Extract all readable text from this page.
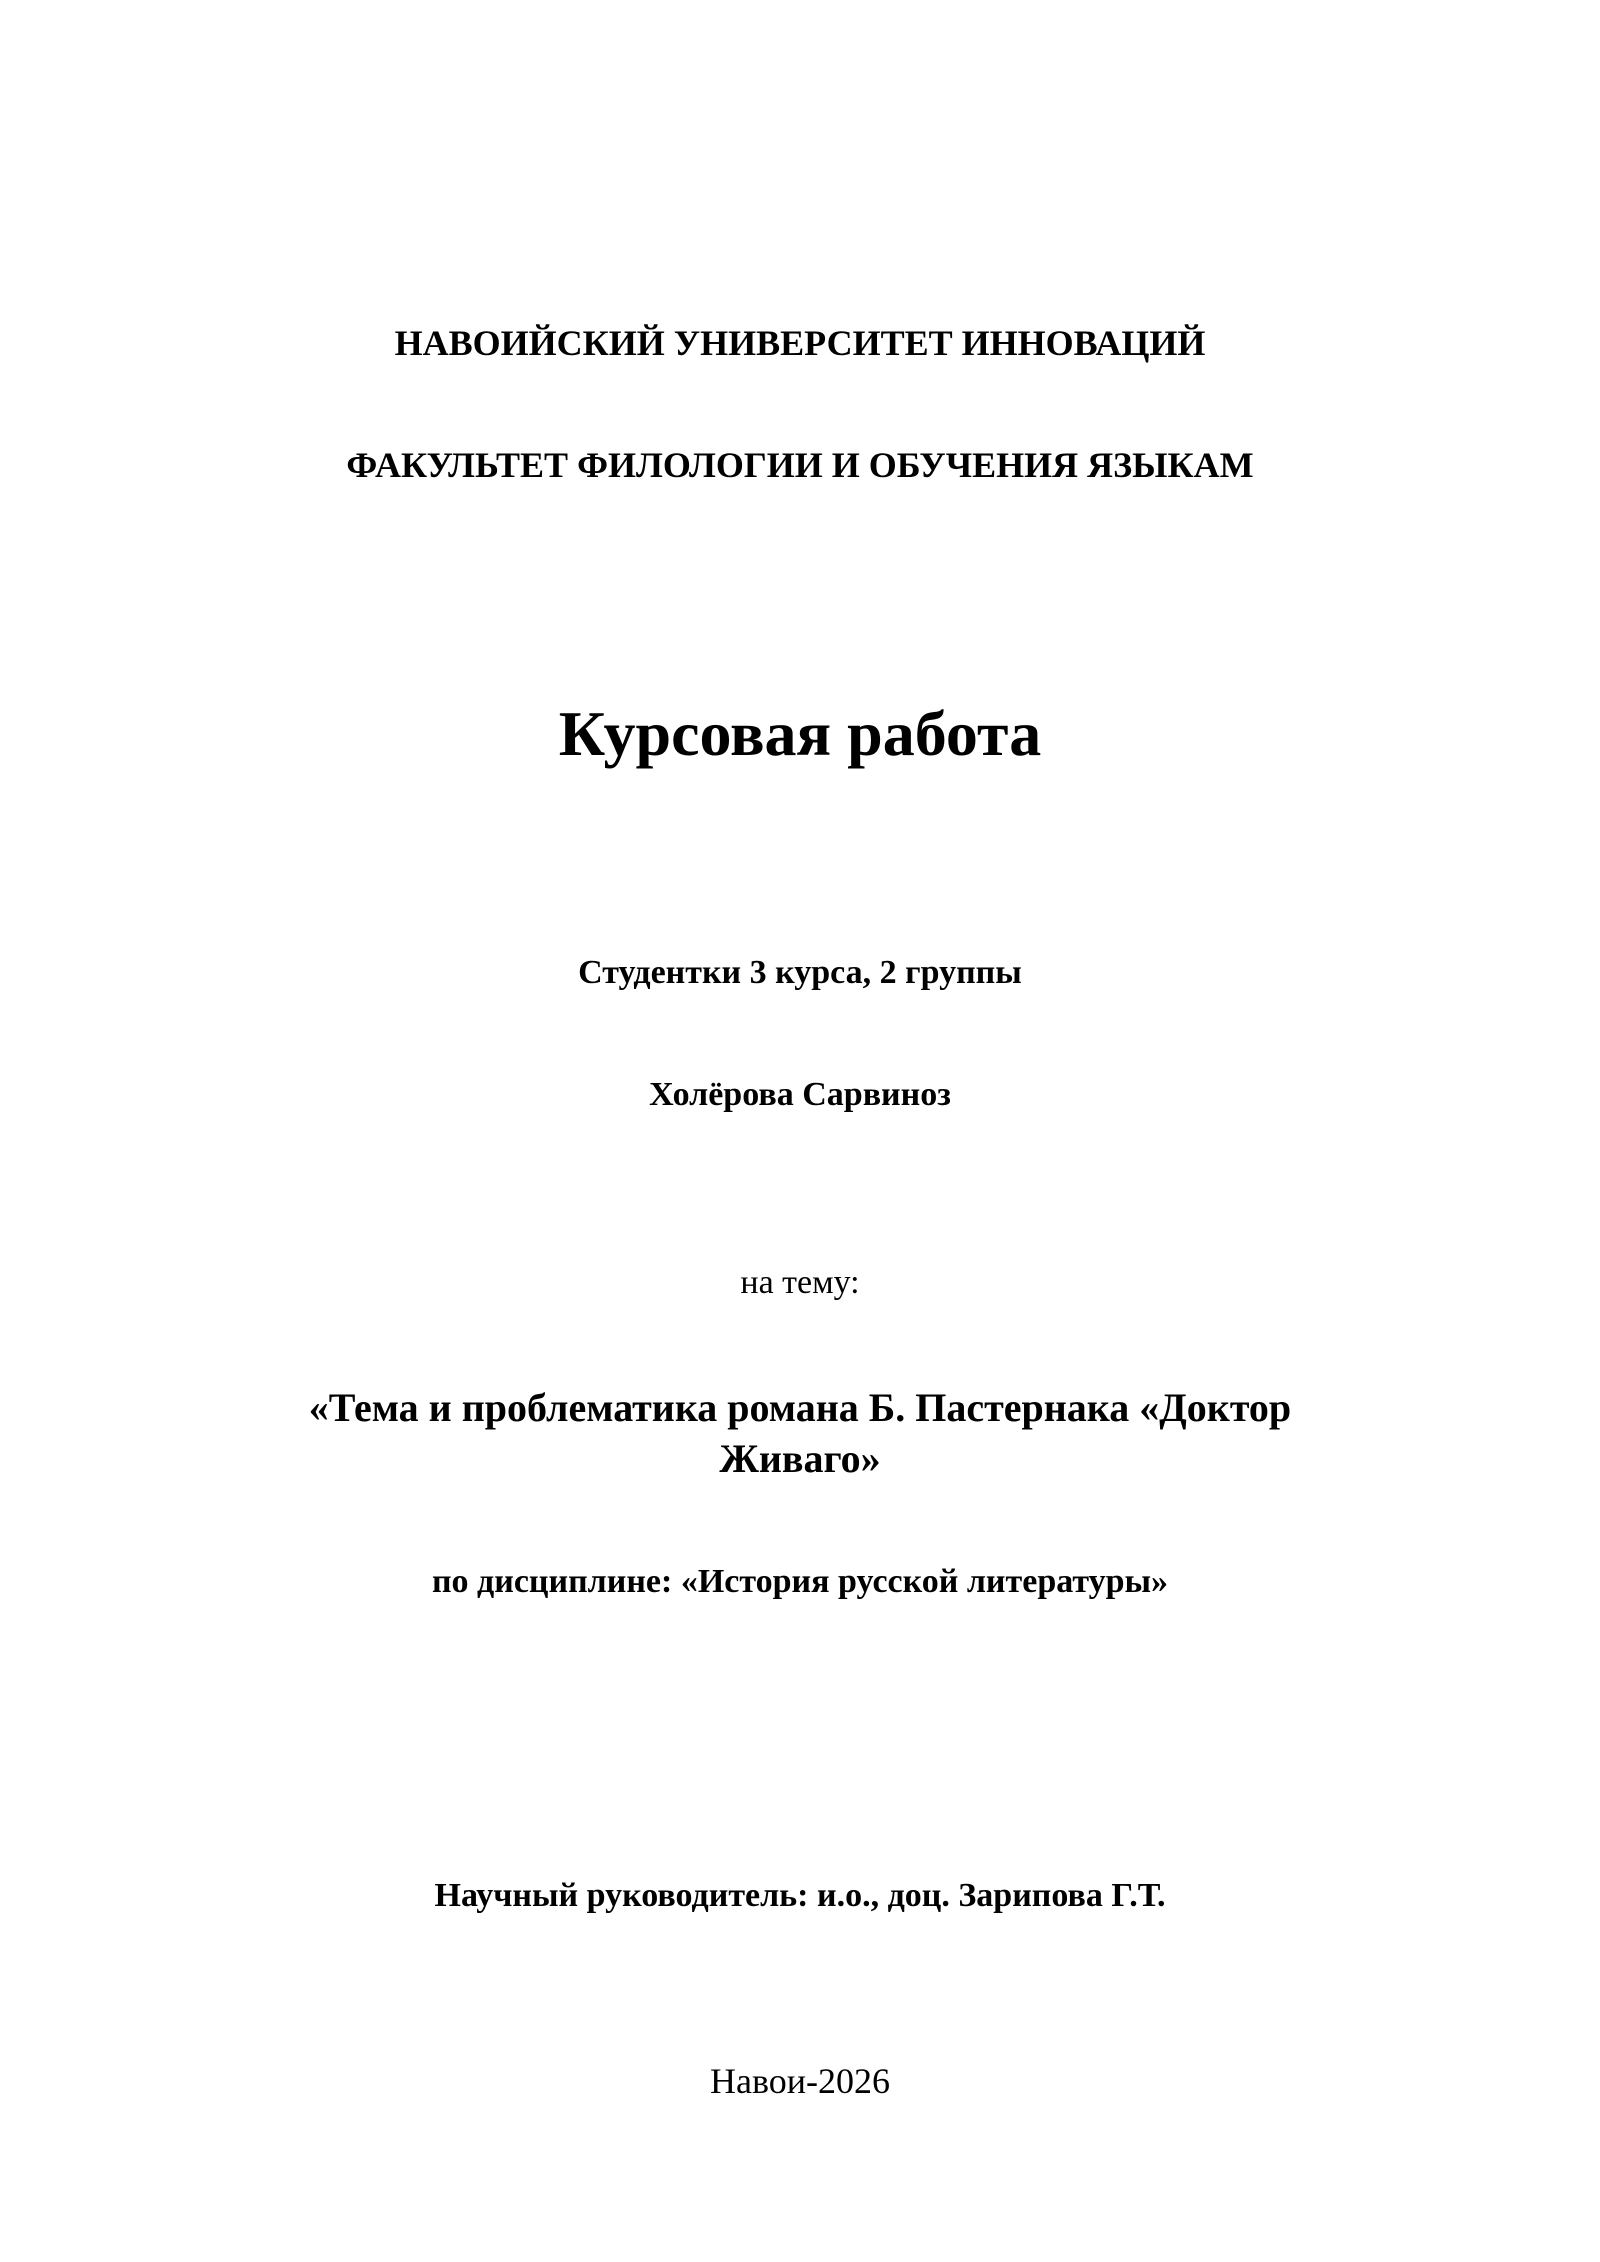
НАВОИЙСКИЙ УНИВЕРСИТЕТ ИННОВАЦИЙ
ФАКУЛЬТЕТ ФИЛОЛОГИИ И ОБУЧЕНИЯ ЯЗЫКАМ
Курсовая работа
Студентки 3 курса, 2 группы
Холёрова Сарвиноз
на тему:
«Тема и проблематика романа Б. Пастернака «Доктор Живаго»
по дисциплине: «История русской литературы»
Научный руководитель: и.о., доц. Зарипова Г.Т.
Навои-2026
